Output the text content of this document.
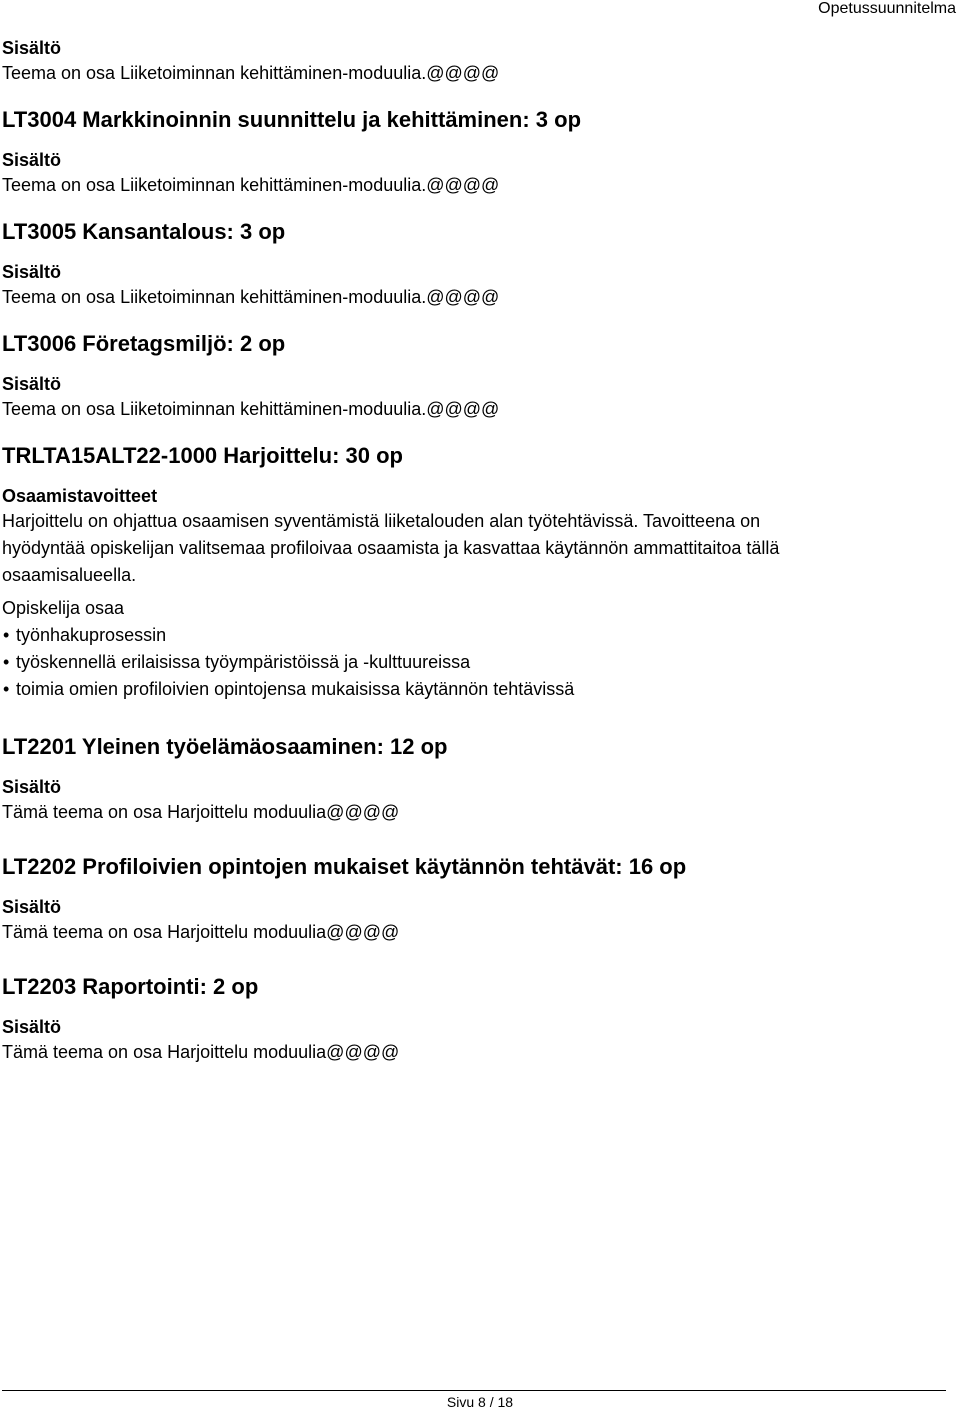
Opetussuunnitelma

Sisältö

Teema on osa Liiketoiminnan kehittäminen-moduulia.@@@@

LT3004 Markkinoinnin suunnittelu ja kehittäminen: 3 op

Sisältö

Teema on osa Liiketoiminnan kehittäminen-moduulia.@@@@

LT3005 Kansantalous: 3 op

Sisältö

Teema on osa Liiketoiminnan kehittäminen-moduulia.@@@@

LT3006 Företagsmiljö: 2 op

Sisältö

Teema on osa Liiketoiminnan kehittäminen-moduulia.@@@@

TRLTA15ALT22-1000 Harjoittelu: 30 op

Osaamistavoitteet

Harjoittelu on ohjattua osaamisen syventämistä liiketalouden alan työtehtävissä. Tavoitteena on

hyödyntää opiskelijan valitsemaa profiloivaa osaamista ja kasvattaa käytännön ammattitaitoa tällä

osaamisalueella.

Opiskelija osaa

• työnhakuprosessin
• työskennellä erilaisissa työympäristöissä ja -kulttuureissa
• toimia omien profiloivien opintojensa mukaisissa käytännön tehtävissä

LT2201 Yleinen työelämäosaaminen: 12 op

Sisältö

Tämä teema on osa Harjoittelu moduulia@@@@

LT2202 Profiloivien opintojen mukaiset käytännön tehtävät: 16 op

Sisältö

Tämä teema on osa Harjoittelu moduulia@@@@

LT2203 Raportointi: 2 op

Sisältö

Tämä teema on osa Harjoittelu moduulia@@@@

Sivu 8 / 18
